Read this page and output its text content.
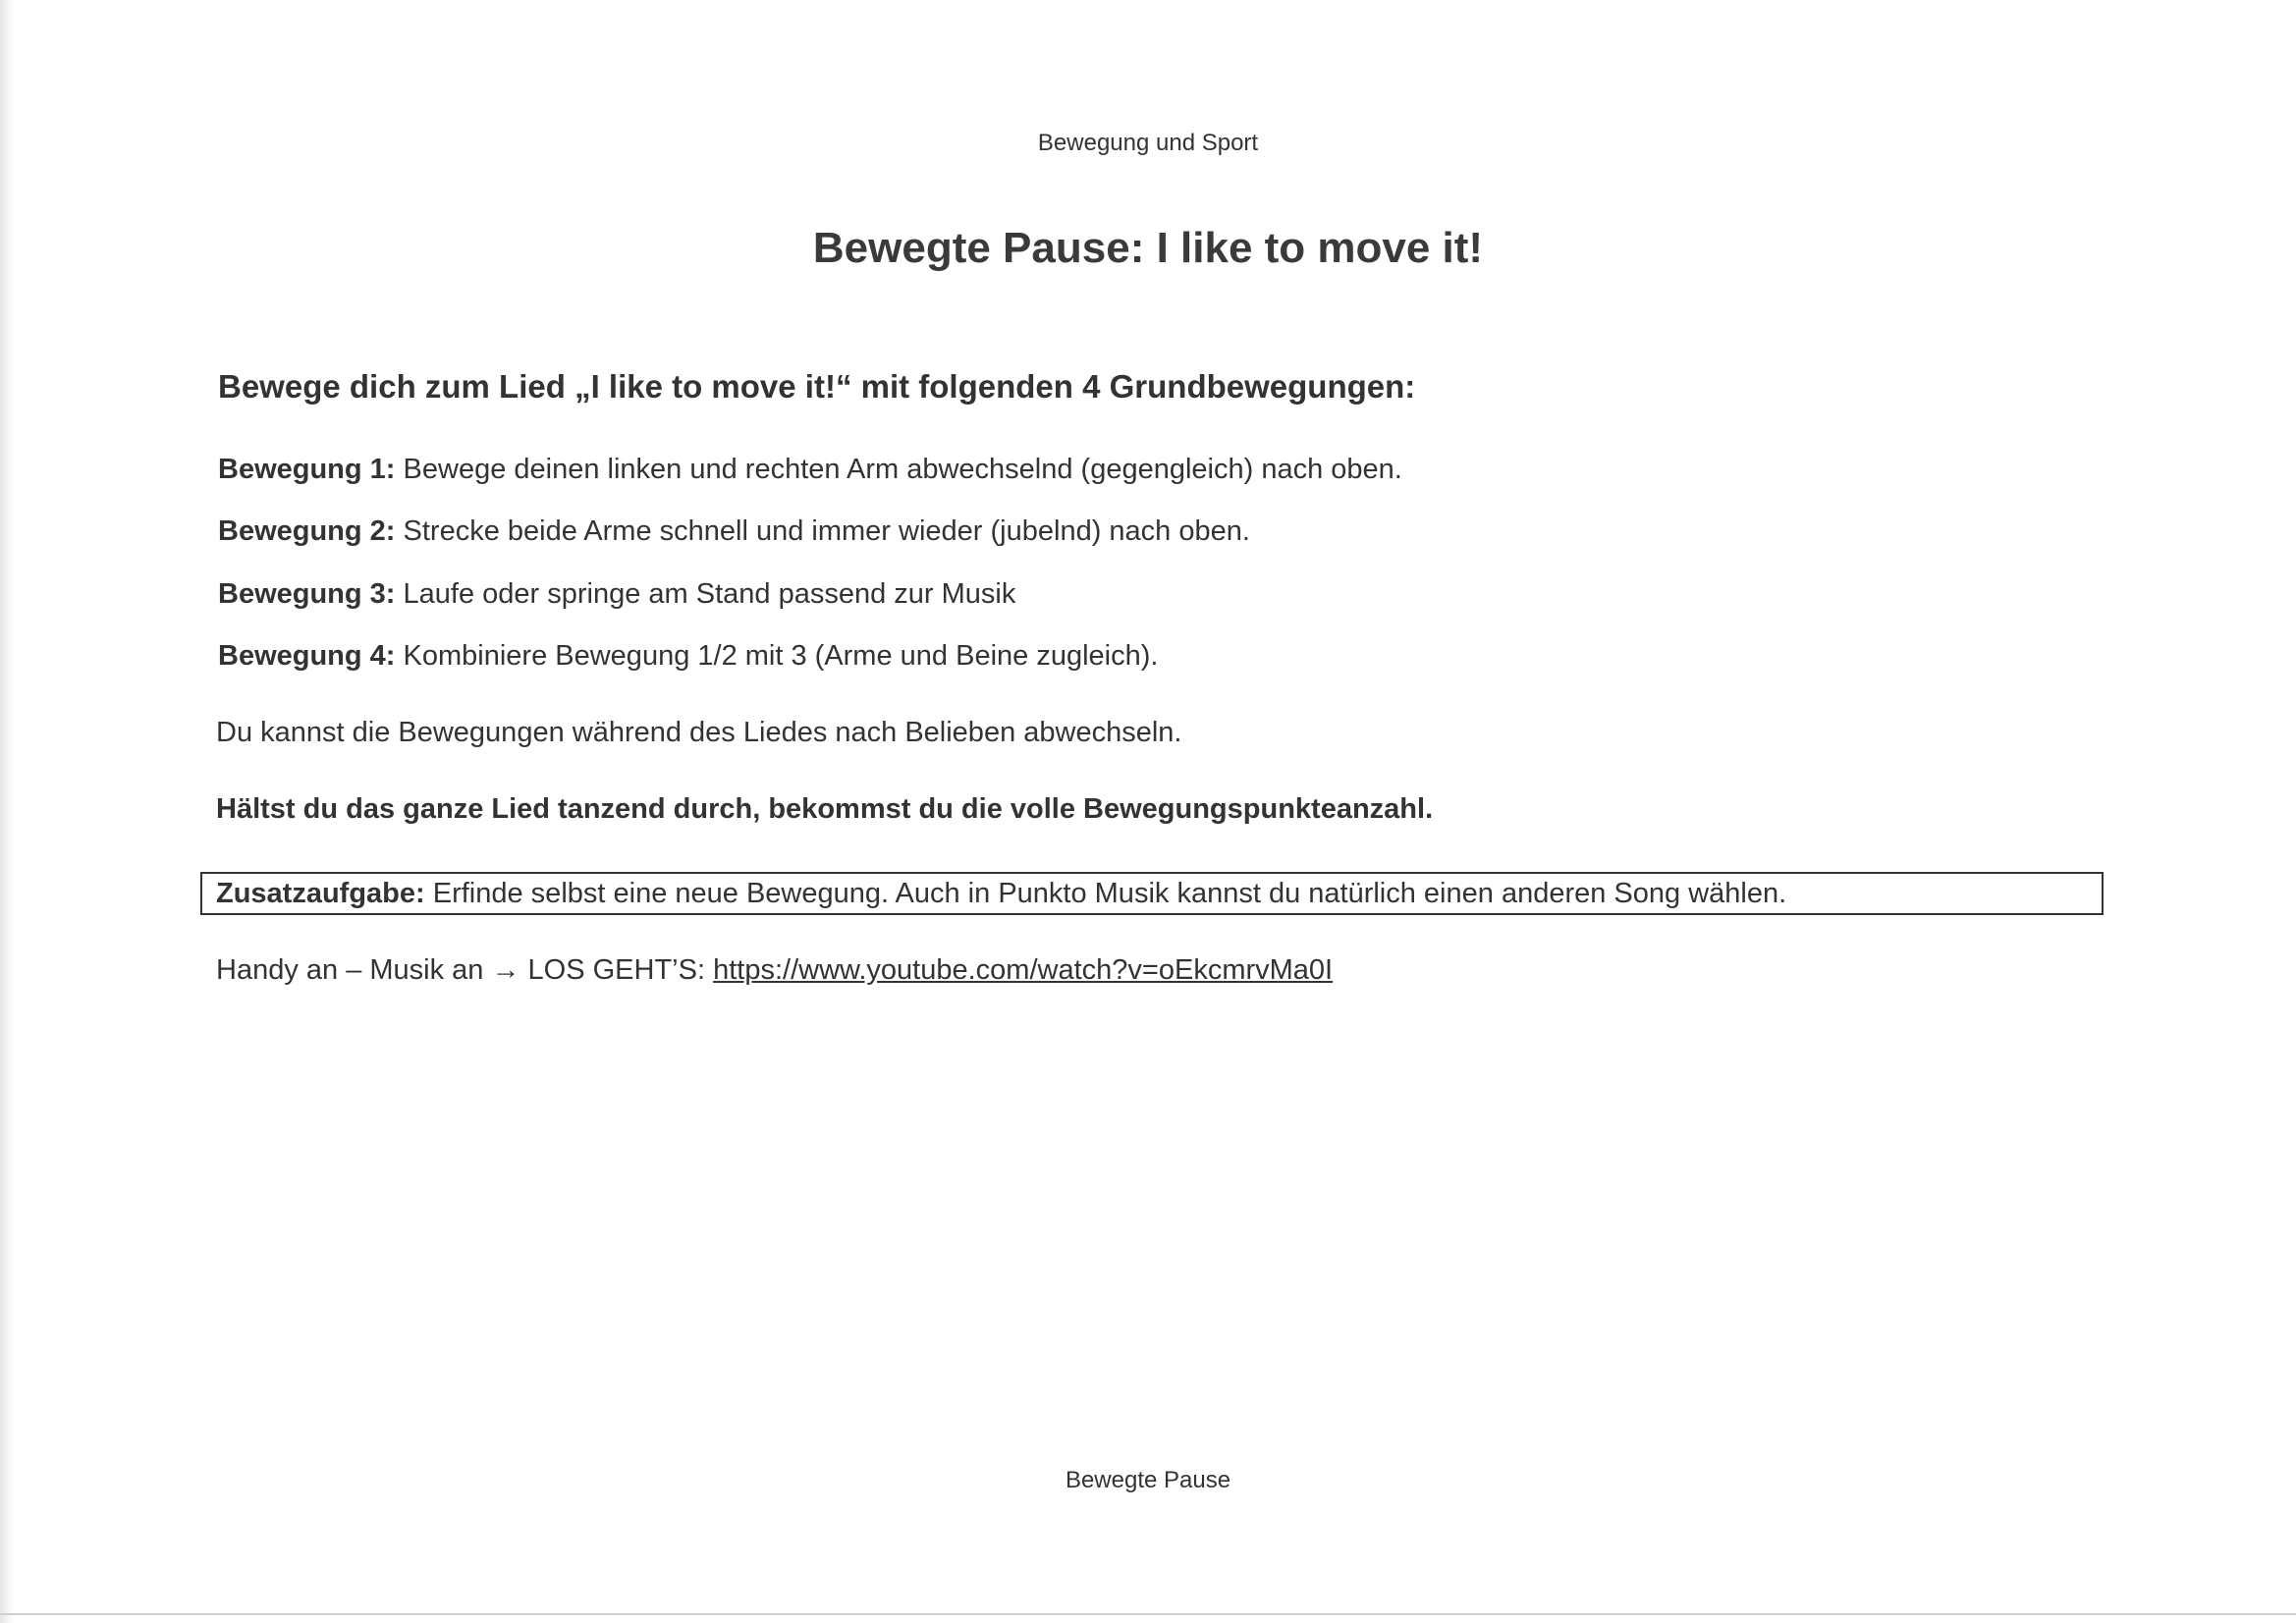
Bewegung und Sport
Bewegte Pause: I like to move it!
Bewege dich zum Lied „I like to move it!“ mit folgenden 4 Grundbewegungen:
Bewegung 1: Bewege deinen linken und rechten Arm abwechselnd (gegengleich) nach oben.
Bewegung 2: Strecke beide Arme schnell und immer wieder (jubelnd) nach oben.
Bewegung 3: Laufe oder springe am Stand passend zur Musik
Bewegung 4: Kombiniere Bewegung 1/2 mit 3 (Arme und Beine zugleich).
Du kannst die Bewegungen während des Liedes nach Belieben abwechseln.
Hältst du das ganze Lied tanzend durch, bekommst du die volle Bewegungspunkteanzahl.
Zusatzaufgabe: Erfinde selbst eine neue Bewegung. Auch in Punkto Musik kannst du natürlich einen anderen Song wählen.
Handy an – Musik an → LOS GEHT’S: https://www.youtube.com/watch?v=oEkcmrvMa0I
Bewegte Pause
